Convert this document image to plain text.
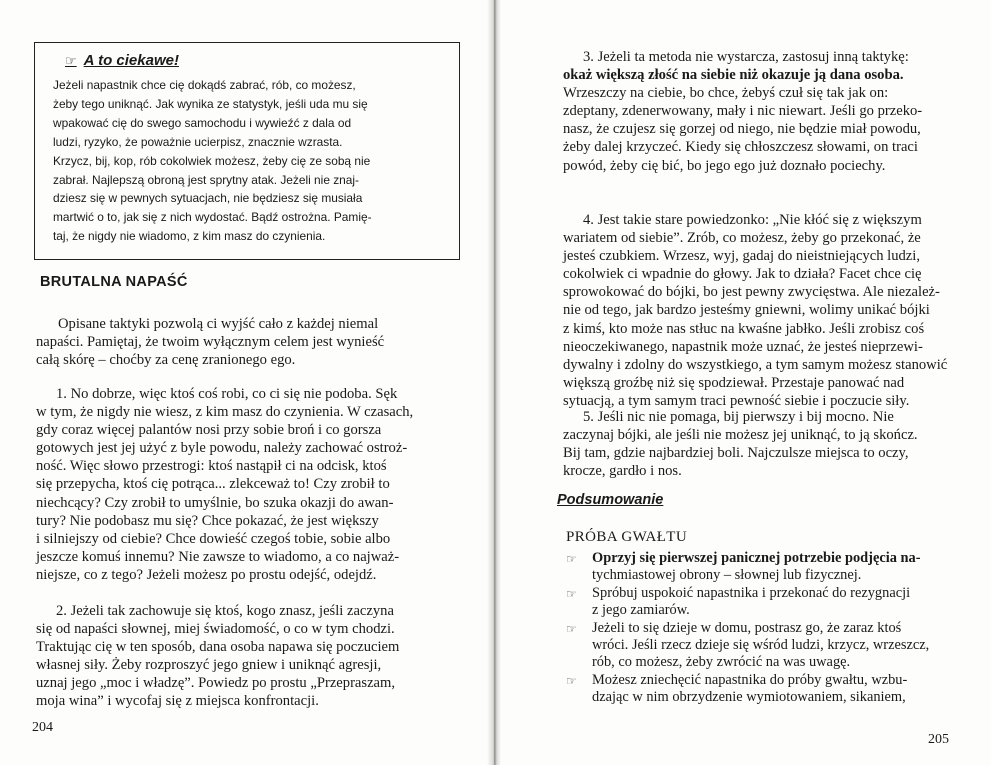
☞ A to ciekawe!
Jeżeli napastnik chce cię dokądś zabrać, rób, co możesz,
żeby tego uniknąć. Jak wynika ze statystyk, jeśli uda mu się
wpakować cię do swego samochodu i wywieźć z dala od
ludzi, ryzyko, że poważnie ucierpisz, znacznie wzrasta.
Krzycz, bij, kop, rób cokolwiek możesz, żeby cię ze sobą nie
zabrał. Najlepszą obroną jest sprytny atak. Jeżeli nie znaj-
dziesz się w pewnych sytuacjach, nie będziesz się musiała
martwić o to, jak się z nich wydostać. Bądź ostrożna. Pamię-
taj, że nigdy nie wiadomo, z kim masz do czynienia.
BRUTALNA NAPAŚĆ
Opisane taktyki pozwolą ci wyjść cało z każdej niemal
napaści. Pamiętaj, że twoim wyłącznym celem jest wynieść
całą skórę – choćby za cenę zranionego ego.
1. No dobrze, więc ktoś coś robi, co ci się nie podoba. Sęk
w tym, że nigdy nie wiesz, z kim masz do czynienia. W czasach,
gdy coraz więcej palantów nosi przy sobie broń i co gorsza
gotowych jest jej użyć z byle powodu, należy zachować ostroż-
ność. Więc słowo przestrogi: ktoś nastąpił ci na odcisk, ktoś
się przepycha, ktoś cię potrąca... zlekceważ to! Czy zrobił to
niechcący? Czy zrobił to umyślnie, bo szuka okazji do awan-
tury? Nie podobasz mu się? Chce pokazać, że jest większy
i silniejszy od ciebie? Chce dowieść czegoś tobie, sobie albo
jeszcze komuś innemu? Nie zawsze to wiadomo, a co najważ-
niejsze, co z tego? Jeżeli możesz po prostu odejść, odejdź.
2. Jeżeli tak zachowuje się ktoś, kogo znasz, jeśli zaczyna
się od napaści słownej, miej świadomość, o co w tym chodzi.
Traktując cię w ten sposób, dana osoba napawa się poczuciem
własnej siły. Żeby rozproszyć jego gniew i uniknąć agresji,
uznaj jego „moc i władzę”. Powiedz po prostu „Przepraszam,
moja wina” i wycofaj się z miejsca konfrontacji.
204
3. Jeżeli ta metoda nie wystarcza, zastosuj inną taktykę:
okaż większą złość na siebie niż okazuje ją dana osoba.
Wrzeszczy na ciebie, bo chce, żebyś czuł się tak jak on:
zdeptany, zdenerwowany, mały i nic niewart. Jeśli go przeko-
nasz, że czujesz się gorzej od niego, nie będzie miał powodu,
żeby dalej krzyczeć. Kiedy się chłoszczesz słowami, on traci
powód, żeby cię bić, bo jego ego już doznało pociechy.
4. Jest takie stare powiedzonko: „Nie kłóć się z większym
wariatem od siebie”. Zrób, co możesz, żeby go przekonać, że
jesteś czubkiem. Wrzesz, wyj, gadaj do nieistniejących ludzi,
cokolwiek ci wpadnie do głowy. Jak to działa? Facet chce cię
sprowokować do bójki, bo jest pewny zwycięstwa. Ale niezależ-
nie od tego, jak bardzo jesteśmy gniewni, wolimy unikać bójki
z kimś, kto może nas stłuc na kwaśne jabłko. Jeśli zrobisz coś
nieoczekiwanego, napastnik może uznać, że jesteś nieprzewi-
dywalny i zdolny do wszystkiego, a tym samym możesz stanowić
większą groźbę niż się spodziewał. Przestaje panować nad
sytuacją, a tym samym traci pewność siebie i poczucie siły.
5. Jeśli nic nie pomaga, bij pierwszy i bij mocno. Nie
zaczynaj bójki, ale jeśli nie możesz jej uniknąć, to ją skończ.
Bij tam, gdzie najbardziej boli. Najczulsze miejsca to oczy,
krocze, gardło i nos.
Podsumowanie
PRÓBA GWAŁTU
☞	Oprzyj się pierwszej panicznej potrzebie podjęcia na-
tychmiastowej obrony – słownej lub fizycznej.
☞	Spróbuj uspokoić napastnika i przekonać do rezygnacji
z jego zamiarów.
☞	Jeżeli to się dzieje w domu, postrasz go, że zaraz ktoś
wróci. Jeśli rzecz dzieje się wśród ludzi, krzycz, wrzeszcz,
rób, co możesz, żeby zwrócić na was uwagę.
☞	Możesz zniechęcić napastnika do próby gwałtu, wzbu-
dzając w nim obrzydzenie wymiotowaniem, sikaniem,
205
